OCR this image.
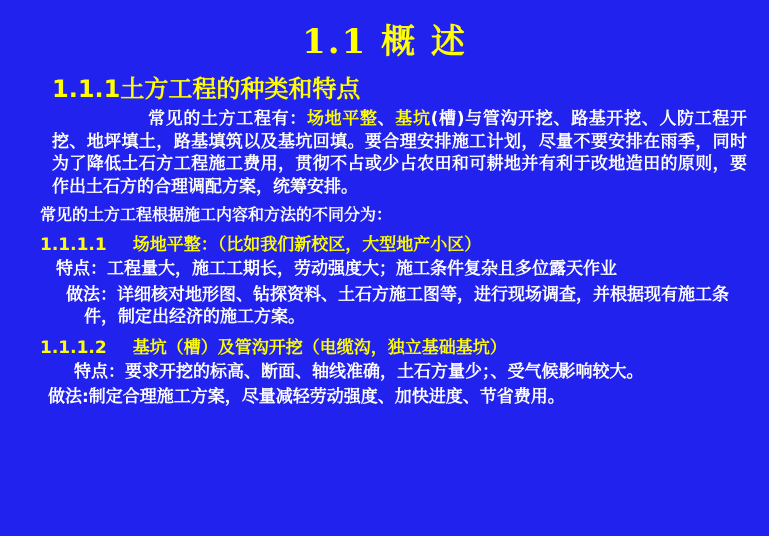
1.1 概 述
1.1.1土方工程的种类和特点
常见的土方工程有：场地平整、基坑(槽)与管沟开挖、路基开挖、人防工程开挖、地坪填土，路基填筑以及基坑回填。要合理安排施工计划，尽量不要安排在雨季，同时为了降低土石方工程施工费用，贯彻不占或少占农田和可耕地并有利于改地造田的原则，要作出土石方的合理调配方案，统筹安排。
常见的土方工程根据施工内容和方法的不同分为：
1.1.1.1 场地平整：（比如我们新校区，大型地产小区）
特点：工程量大，施工工期长，劳动强度大；施工条件复杂且多位露天作业
做法：详细核对地形图、钻探资料、土石方施工图等，进行现场调查，并根据现有施工条件，制定出经济的施工方案。
1.1.1.2 基坑（槽）及管沟开挖（电缆沟，独立基础基坑）
特点：要求开挖的标高、断面、轴线准确，土石方量少；、受气候影响较大。
做法:制定合理施工方案，尽量减轻劳动强度、加快进度、节省费用。
